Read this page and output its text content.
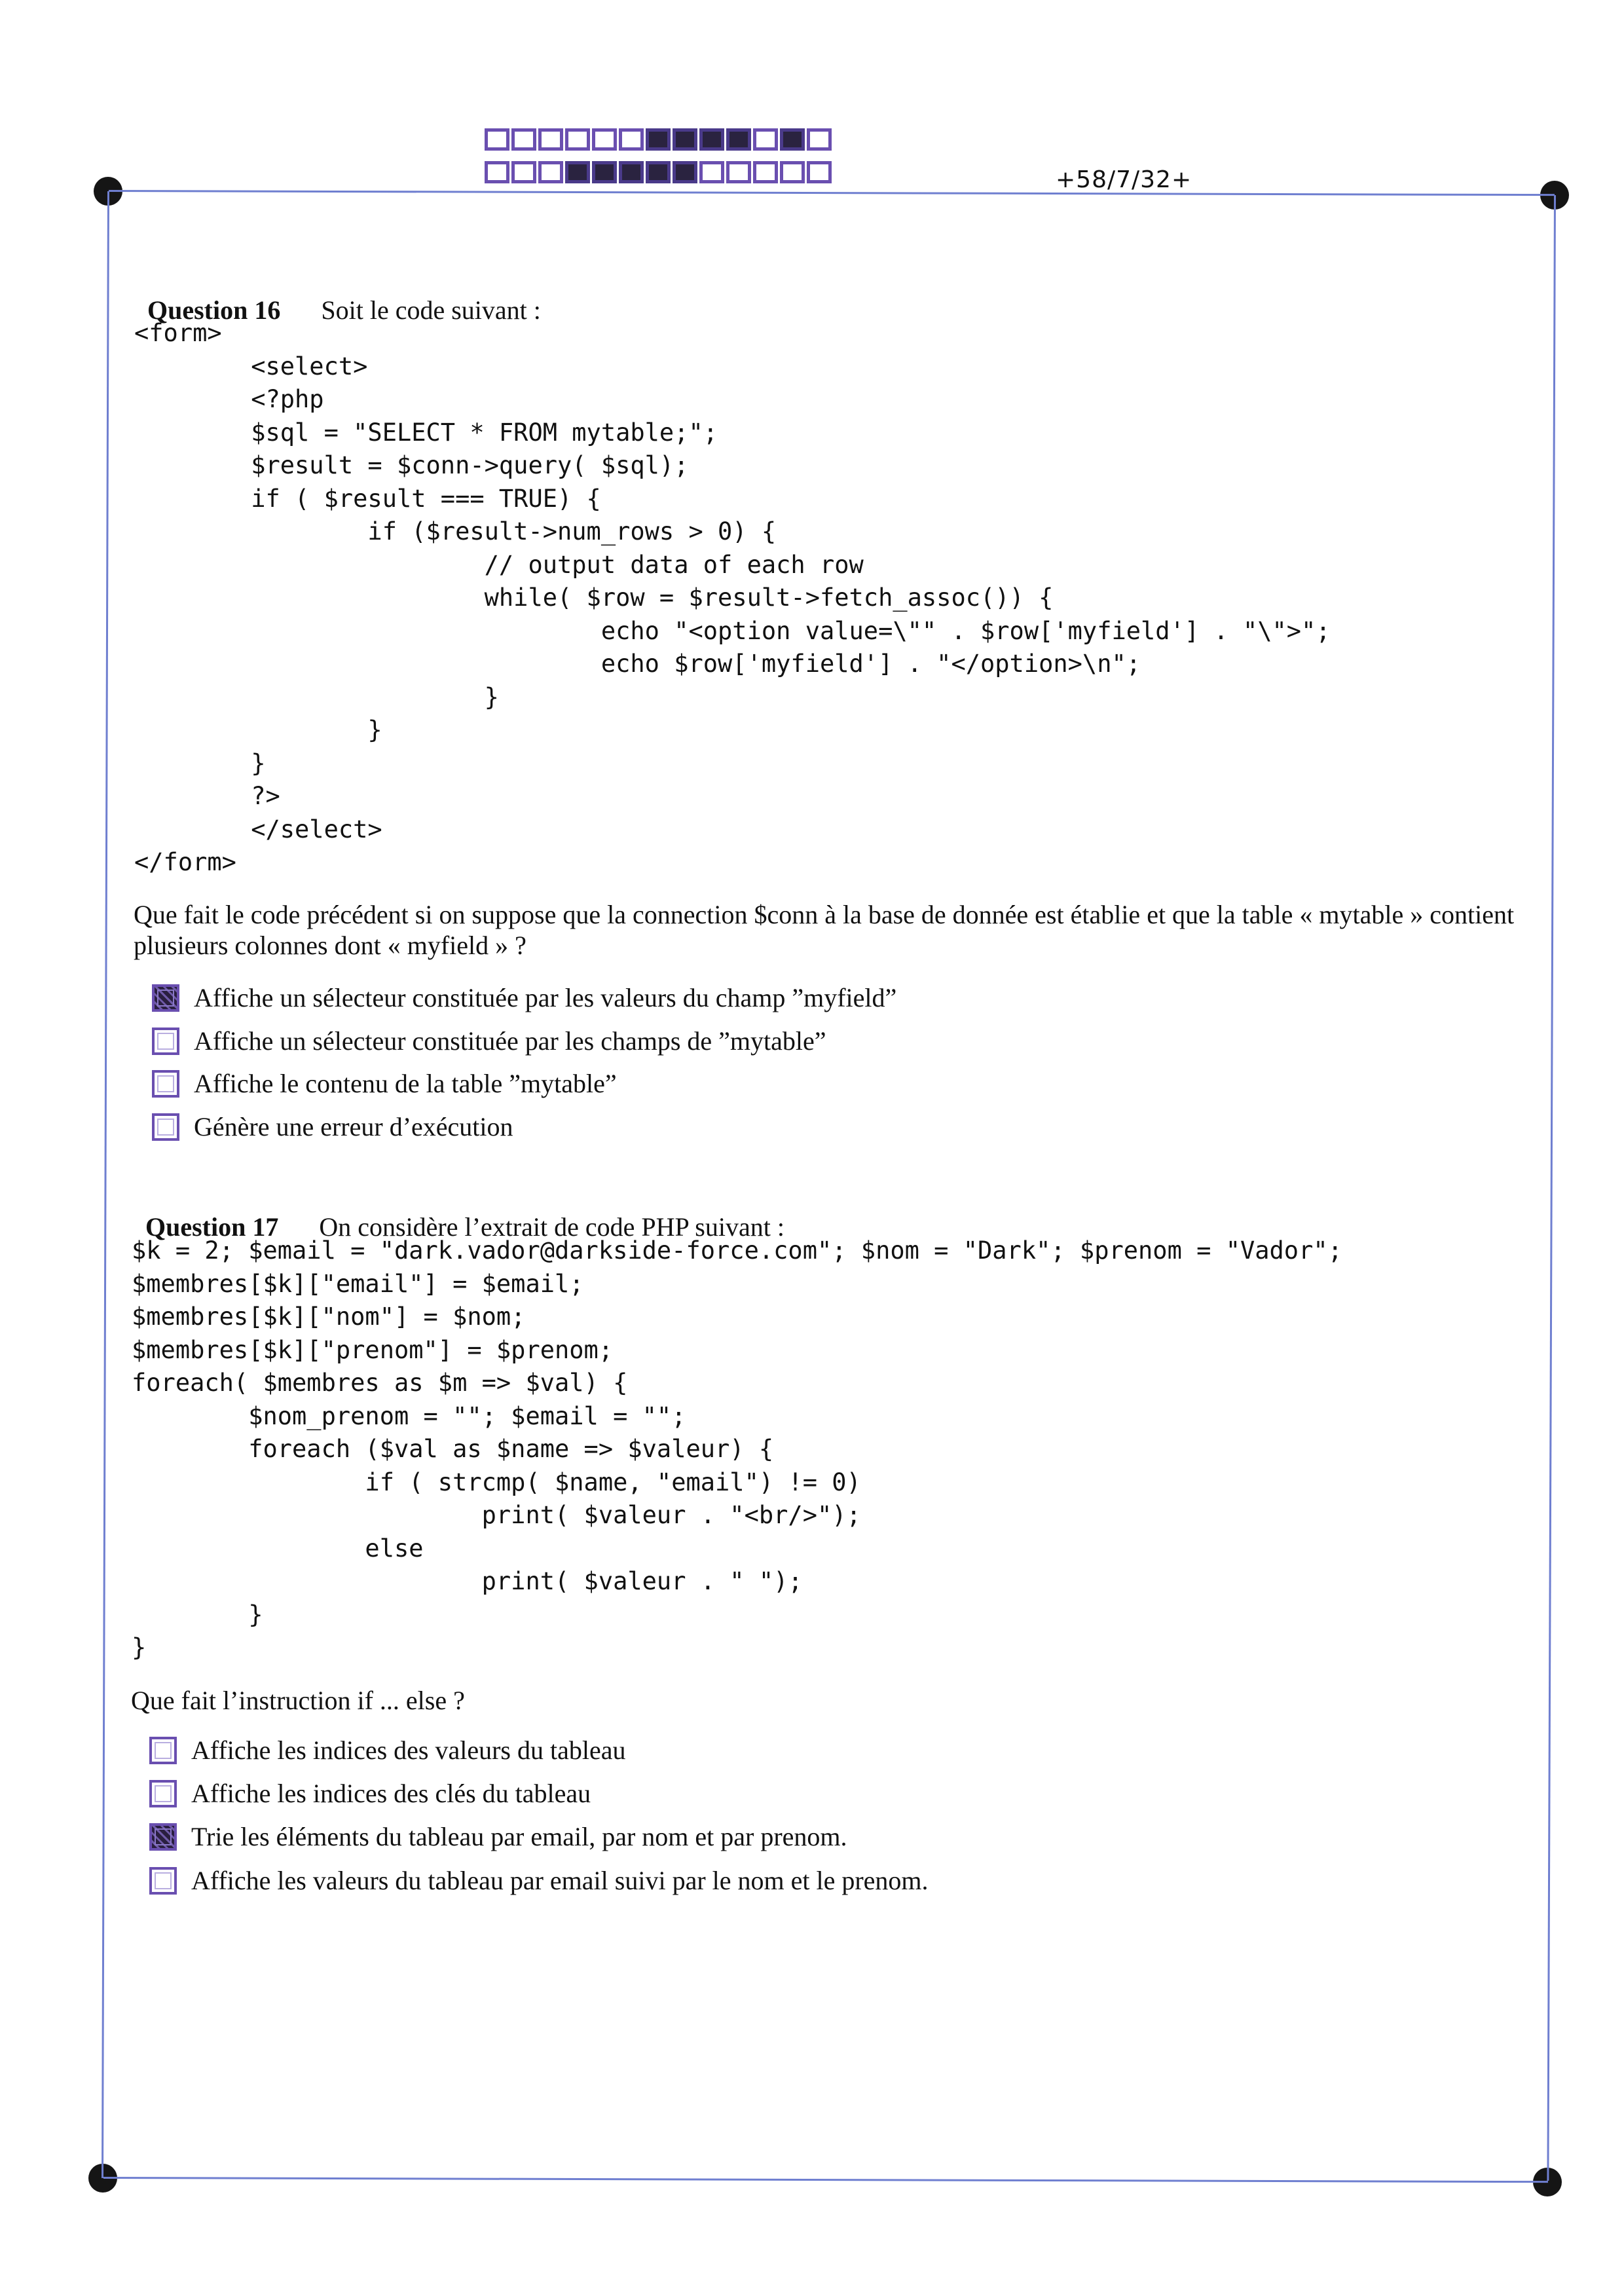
+58/7/32+

Question 16 Soit le code suivant :

<form>
<select>
<?php
$sql = "SELECT * FROM mytable;";
$result = $conn->query( $sql);
if ( $result === TRUE) {
if ($result->num_rows > 0) {
// output data of each row
while( $row = $result->fetch_assoc()) {
echo "<option value=\"" . $row['myfield'] . "\">";
echo $row['myfield'] . "</option>\n";
}
}
}
?>
</select>
</form>
Que fait le code précédent si on suppose que la connection $conn à la base de donnée est établie et que la table « mytable » contient plusieurs colonnes dont « myfield » ?
Affiche un sélecteur constituée par les valeurs du champ ”myfield”
Affiche un sélecteur constituée par les champs de ”mytable”
Affiche le contenu de la table ”mytable”
Génère une erreur d’exécution

Question 17 On considère l’extrait de code PHP suivant :

$k = 2; $email = "dark.vador@darkside-force.com"; $nom = "Dark"; $prenom = "Vador";
$membres[$k]["email"] = $email;
$membres[$k]["nom"] = $nom;
$membres[$k]["prenom"] = $prenom;
foreach( $membres as $m => $val) {
$nom_prenom = ""; $email = "";
foreach ($val as $name => $valeur) {
if ( strcmp( $name, "email") != 0)
print( $valeur . "<br/>");
else
print( $valeur . " ");
}
}
Que fait l’instruction if ... else ?
Affiche les indices des valeurs du tableau
Affiche les indices des clés du tableau
Trie les éléments du tableau par email, par nom et par prenom.
Affiche les valeurs du tableau par email suivi par le nom et le prenom.
